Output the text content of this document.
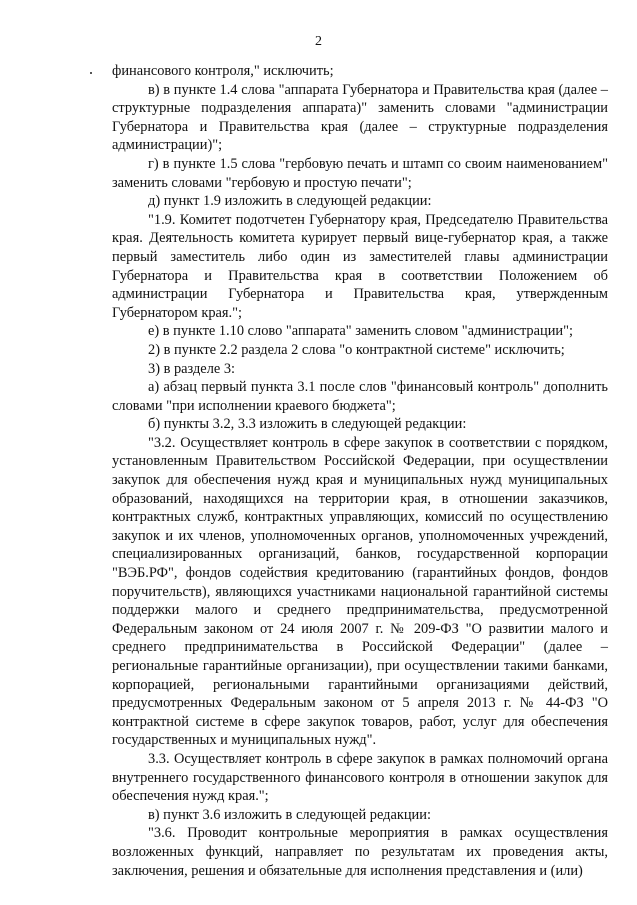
2

финансового контроля," исключить;

в) в пункте 1.4 слова "аппарата Губернатора и Правительства края (далее – структурные подразделения аппарата)" заменить словами "администрации Губернатора и Правительства края (далее – структурные подразделения администрации)";

г) в пункте 1.5 слова "гербовую печать и штамп со своим наименованием" заменить словами "гербовую и простую печати";

д) пункт 1.9 изложить в следующей редакции:

"1.9. Комитет подотчетен Губернатору края, Председателю Правительства края. Деятельность комитета курирует первый вице-губернатор края, а также первый заместитель либо один из заместителей главы администрации Губернатора и Правительства края в соответствии Положением об администрации Губернатора и Правительства края, утвержденным Губернатором края.";

е) в пункте 1.10 слово "аппарата" заменить словом "администрации";

2) в пункте 2.2 раздела 2 слова "о контрактной системе" исключить;

3) в разделе 3:

а) абзац первый пункта 3.1 после слов "финансовый контроль" дополнить словами "при исполнении краевого бюджета";

б) пункты 3.2, 3.3 изложить в следующей редакции:

"3.2. Осуществляет контроль в сфере закупок в соответствии с порядком, установленным Правительством Российской Федерации, при осуществлении закупок для обеспечения нужд края и муниципальных нужд муниципальных образований, находящихся на территории края, в отношении заказчиков, контрактных служб, контрактных управляющих, комиссий по осуществлению закупок и их членов, уполномоченных органов, уполномоченных учреждений, специализированных организаций, банков, государственной корпорации "ВЭБ.РФ", фондов содействия кредитованию (гарантийных фондов, фондов поручительств), являющихся участниками национальной гарантийной системы поддержки малого и среднего предпринимательства, предусмотренной Федеральным законом от 24 июля 2007 г. № 209-ФЗ "О развитии малого и среднего предпринимательства в Российской Федерации" (далее – региональные гарантийные организации), при осуществлении такими банками, корпорацией, региональными гарантийными организациями действий, предусмотренных Федеральным законом от 5 апреля 2013 г. № 44-ФЗ "О контрактной системе в сфере закупок товаров, работ, услуг для обеспечения государственных и муниципальных нужд".

3.3. Осуществляет контроль в сфере закупок в рамках полномочий органа внутреннего государственного финансового контроля в отношении закупок для обеспечения нужд края.";

в) пункт 3.6 изложить в следующей редакции:

"3.6. Проводит контрольные мероприятия в рамках осуществления возложенных функций, направляет по результатам их проведения акты, заключения, решения и обязательные для исполнения представления и (или)
